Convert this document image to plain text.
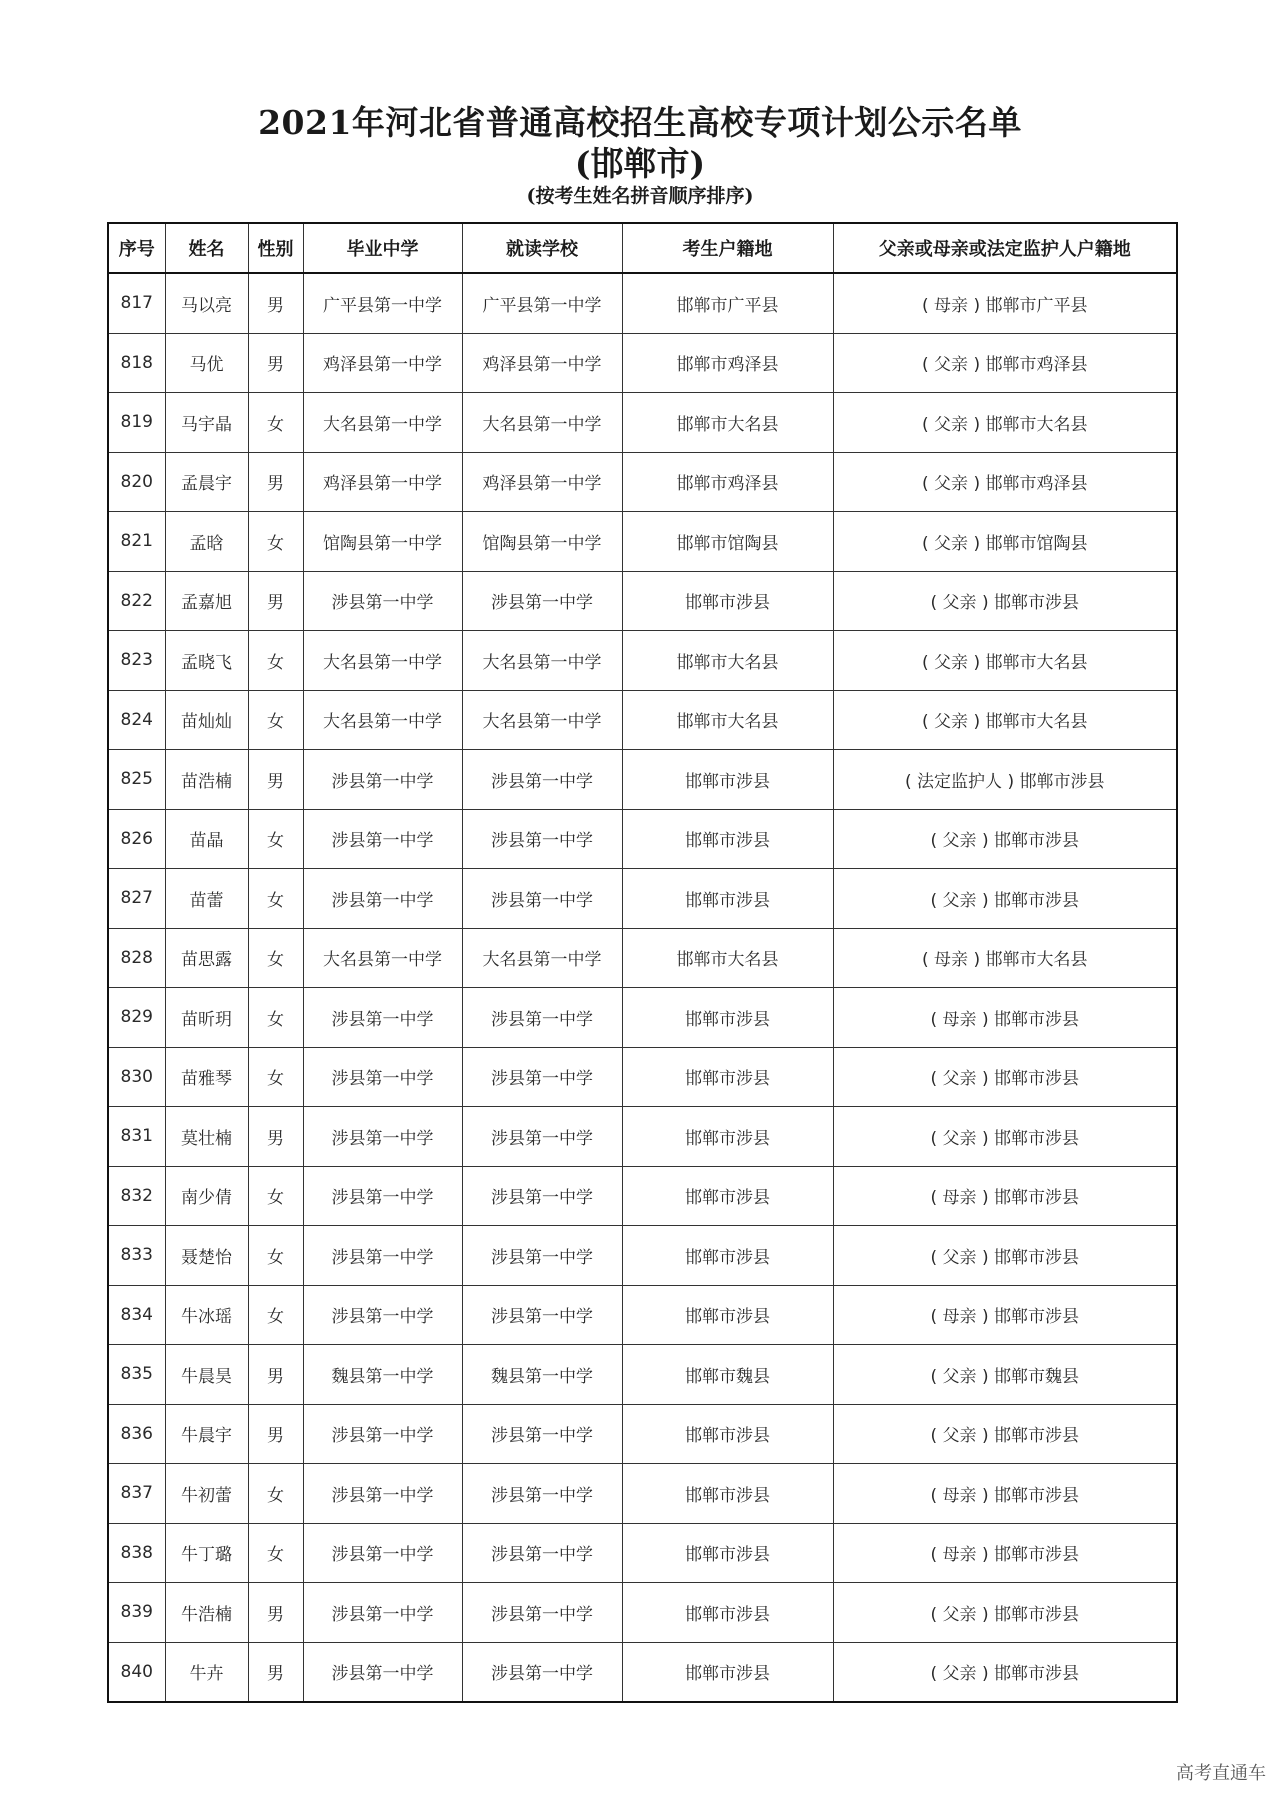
2021年河北省普通高校招生高校专项计划公示名单
(邯郸市)
(按考生姓名拼音顺序排序)
序号	姓名	性别	毕业中学	就读学校	考生户籍地	父亲或母亲或法定监护人户籍地
817	马以亮	男	广平县第一中学	广平县第一中学	邯郸市广平县	( 母亲 ) 邯郸市广平县
818	马优	男	鸡泽县第一中学	鸡泽县第一中学	邯郸市鸡泽县	( 父亲 ) 邯郸市鸡泽县
819	马宇晶	女	大名县第一中学	大名县第一中学	邯郸市大名县	( 父亲 ) 邯郸市大名县
820	孟晨宇	男	鸡泽县第一中学	鸡泽县第一中学	邯郸市鸡泽县	( 父亲 ) 邯郸市鸡泽县
821	孟晗	女	馆陶县第一中学	馆陶县第一中学	邯郸市馆陶县	( 父亲 ) 邯郸市馆陶县
822	孟嘉旭	男	涉县第一中学	涉县第一中学	邯郸市涉县	( 父亲 ) 邯郸市涉县
823	孟晓飞	女	大名县第一中学	大名县第一中学	邯郸市大名县	( 父亲 ) 邯郸市大名县
824	苗灿灿	女	大名县第一中学	大名县第一中学	邯郸市大名县	( 父亲 ) 邯郸市大名县
825	苗浩楠	男	涉县第一中学	涉县第一中学	邯郸市涉县	( 法定监护人 ) 邯郸市涉县
826	苗晶	女	涉县第一中学	涉县第一中学	邯郸市涉县	( 父亲 ) 邯郸市涉县
827	苗蕾	女	涉县第一中学	涉县第一中学	邯郸市涉县	( 父亲 ) 邯郸市涉县
828	苗思露	女	大名县第一中学	大名县第一中学	邯郸市大名县	( 母亲 ) 邯郸市大名县
829	苗昕玥	女	涉县第一中学	涉县第一中学	邯郸市涉县	( 母亲 ) 邯郸市涉县
830	苗雅琴	女	涉县第一中学	涉县第一中学	邯郸市涉县	( 父亲 ) 邯郸市涉县
831	莫壮楠	男	涉县第一中学	涉县第一中学	邯郸市涉县	( 父亲 ) 邯郸市涉县
832	南少倩	女	涉县第一中学	涉县第一中学	邯郸市涉县	( 母亲 ) 邯郸市涉县
833	聂楚怡	女	涉县第一中学	涉县第一中学	邯郸市涉县	( 父亲 ) 邯郸市涉县
834	牛冰瑶	女	涉县第一中学	涉县第一中学	邯郸市涉县	( 母亲 ) 邯郸市涉县
835	牛晨昊	男	魏县第一中学	魏县第一中学	邯郸市魏县	( 父亲 ) 邯郸市魏县
836	牛晨宇	男	涉县第一中学	涉县第一中学	邯郸市涉县	( 父亲 ) 邯郸市涉县
837	牛初蕾	女	涉县第一中学	涉县第一中学	邯郸市涉县	( 母亲 ) 邯郸市涉县
838	牛丁璐	女	涉县第一中学	涉县第一中学	邯郸市涉县	( 母亲 ) 邯郸市涉县
839	牛浩楠	男	涉县第一中学	涉县第一中学	邯郸市涉县	( 父亲 ) 邯郸市涉县
840	牛卉	男	涉县第一中学	涉县第一中学	邯郸市涉县	( 父亲 ) 邯郸市涉县
高考直通车
